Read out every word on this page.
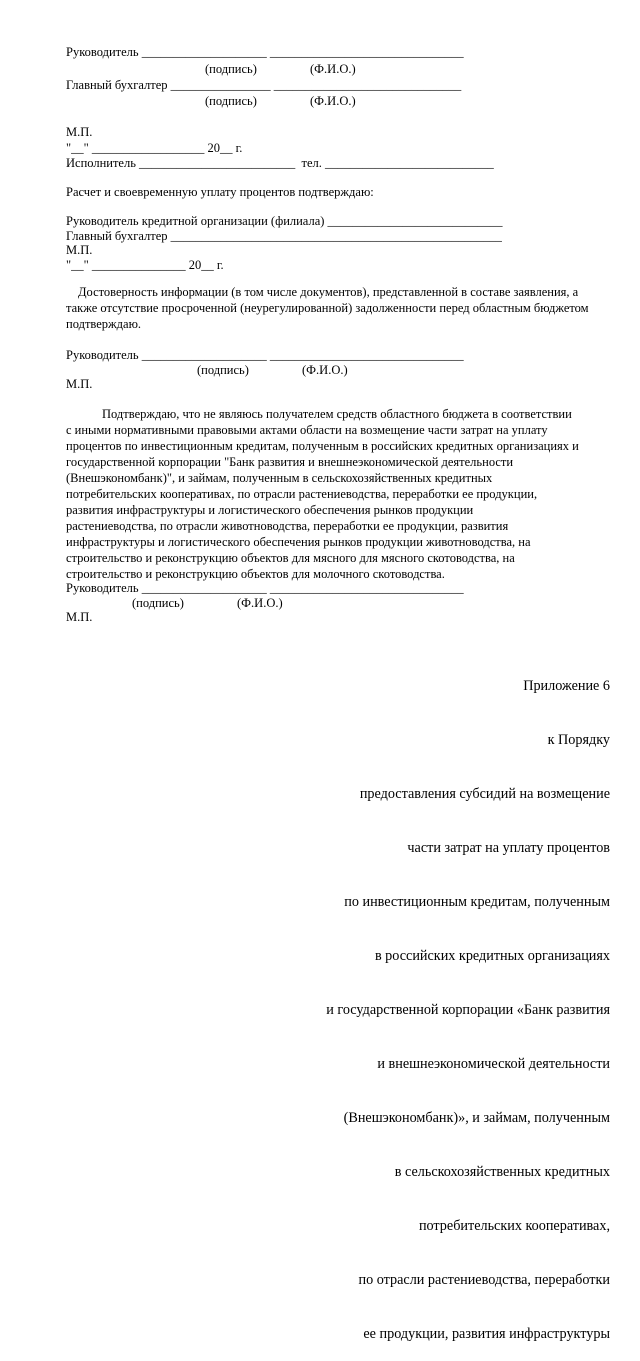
Руководитель ____________________ _______________________________
(подпись)                 (Ф.И.О.)
Главный бухгалтер ________________ ______________________________
(подпись)                 (Ф.И.О.)
М.П.
"__" __________________ 20__ г.
Исполнитель _________________________  тел. ___________________________
Расчет и своевременную уплату процентов подтверждаю:
Руководитель кредитной организации (филиала) ____________________________
Главный бухгалтер _____________________________________________________
М.П.
"__" _______________ 20__ г.
Достоверность информации (в том числе документов), представленной в составе заявления, а
также отсутствие просроченной (неурегулированной) задолженности перед областным бюджетом
подтверждаю.
Руководитель ____________________ _______________________________
(подпись)                 (Ф.И.О.)
М.П.
Подтверждаю, что не являюсь получателем средств областного бюджета в соответствии
с иными нормативными правовыми актами области на возмещение части затрат на уплату
процентов по инвестиционным кредитам, полученным в российских кредитных организациях и
государственной корпорации "Банк развития и внешнеэкономической деятельности
(Внешэкономбанк)", и займам, полученным в сельскохозяйственных кредитных
потребительских кооперативах, по отрасли растениеводства, переработки ее продукции,
развития инфраструктуры и логистического обеспечения рынков продукции
растениеводства, по отрасли животноводства, переработки ее продукции, развития
инфраструктуры и логистического обеспечения рынков продукции животноводства, на
строительство и реконструкцию объектов для мясного для мясного скотоводства, на
строительство и реконструкцию объектов для молочного скотоводства.
Руководитель ____________________ _______________________________
(подпись)                 (Ф.И.О.)
М.П.

Приложение 6

к Порядку

предоставления субсидий на возмещение

части затрат на уплату процентов

по инвестиционным кредитам, полученным

в российских кредитных организациях

и государственной корпорации «Банк развития

и внешнеэкономической деятельности

(Внешэкономбанк)», и займам, полученным

в сельскохозяйственных кредитных

потребительских кооперативах,

по отрасли растениеводства, переработки

ее продукции, развития инфраструктуры
